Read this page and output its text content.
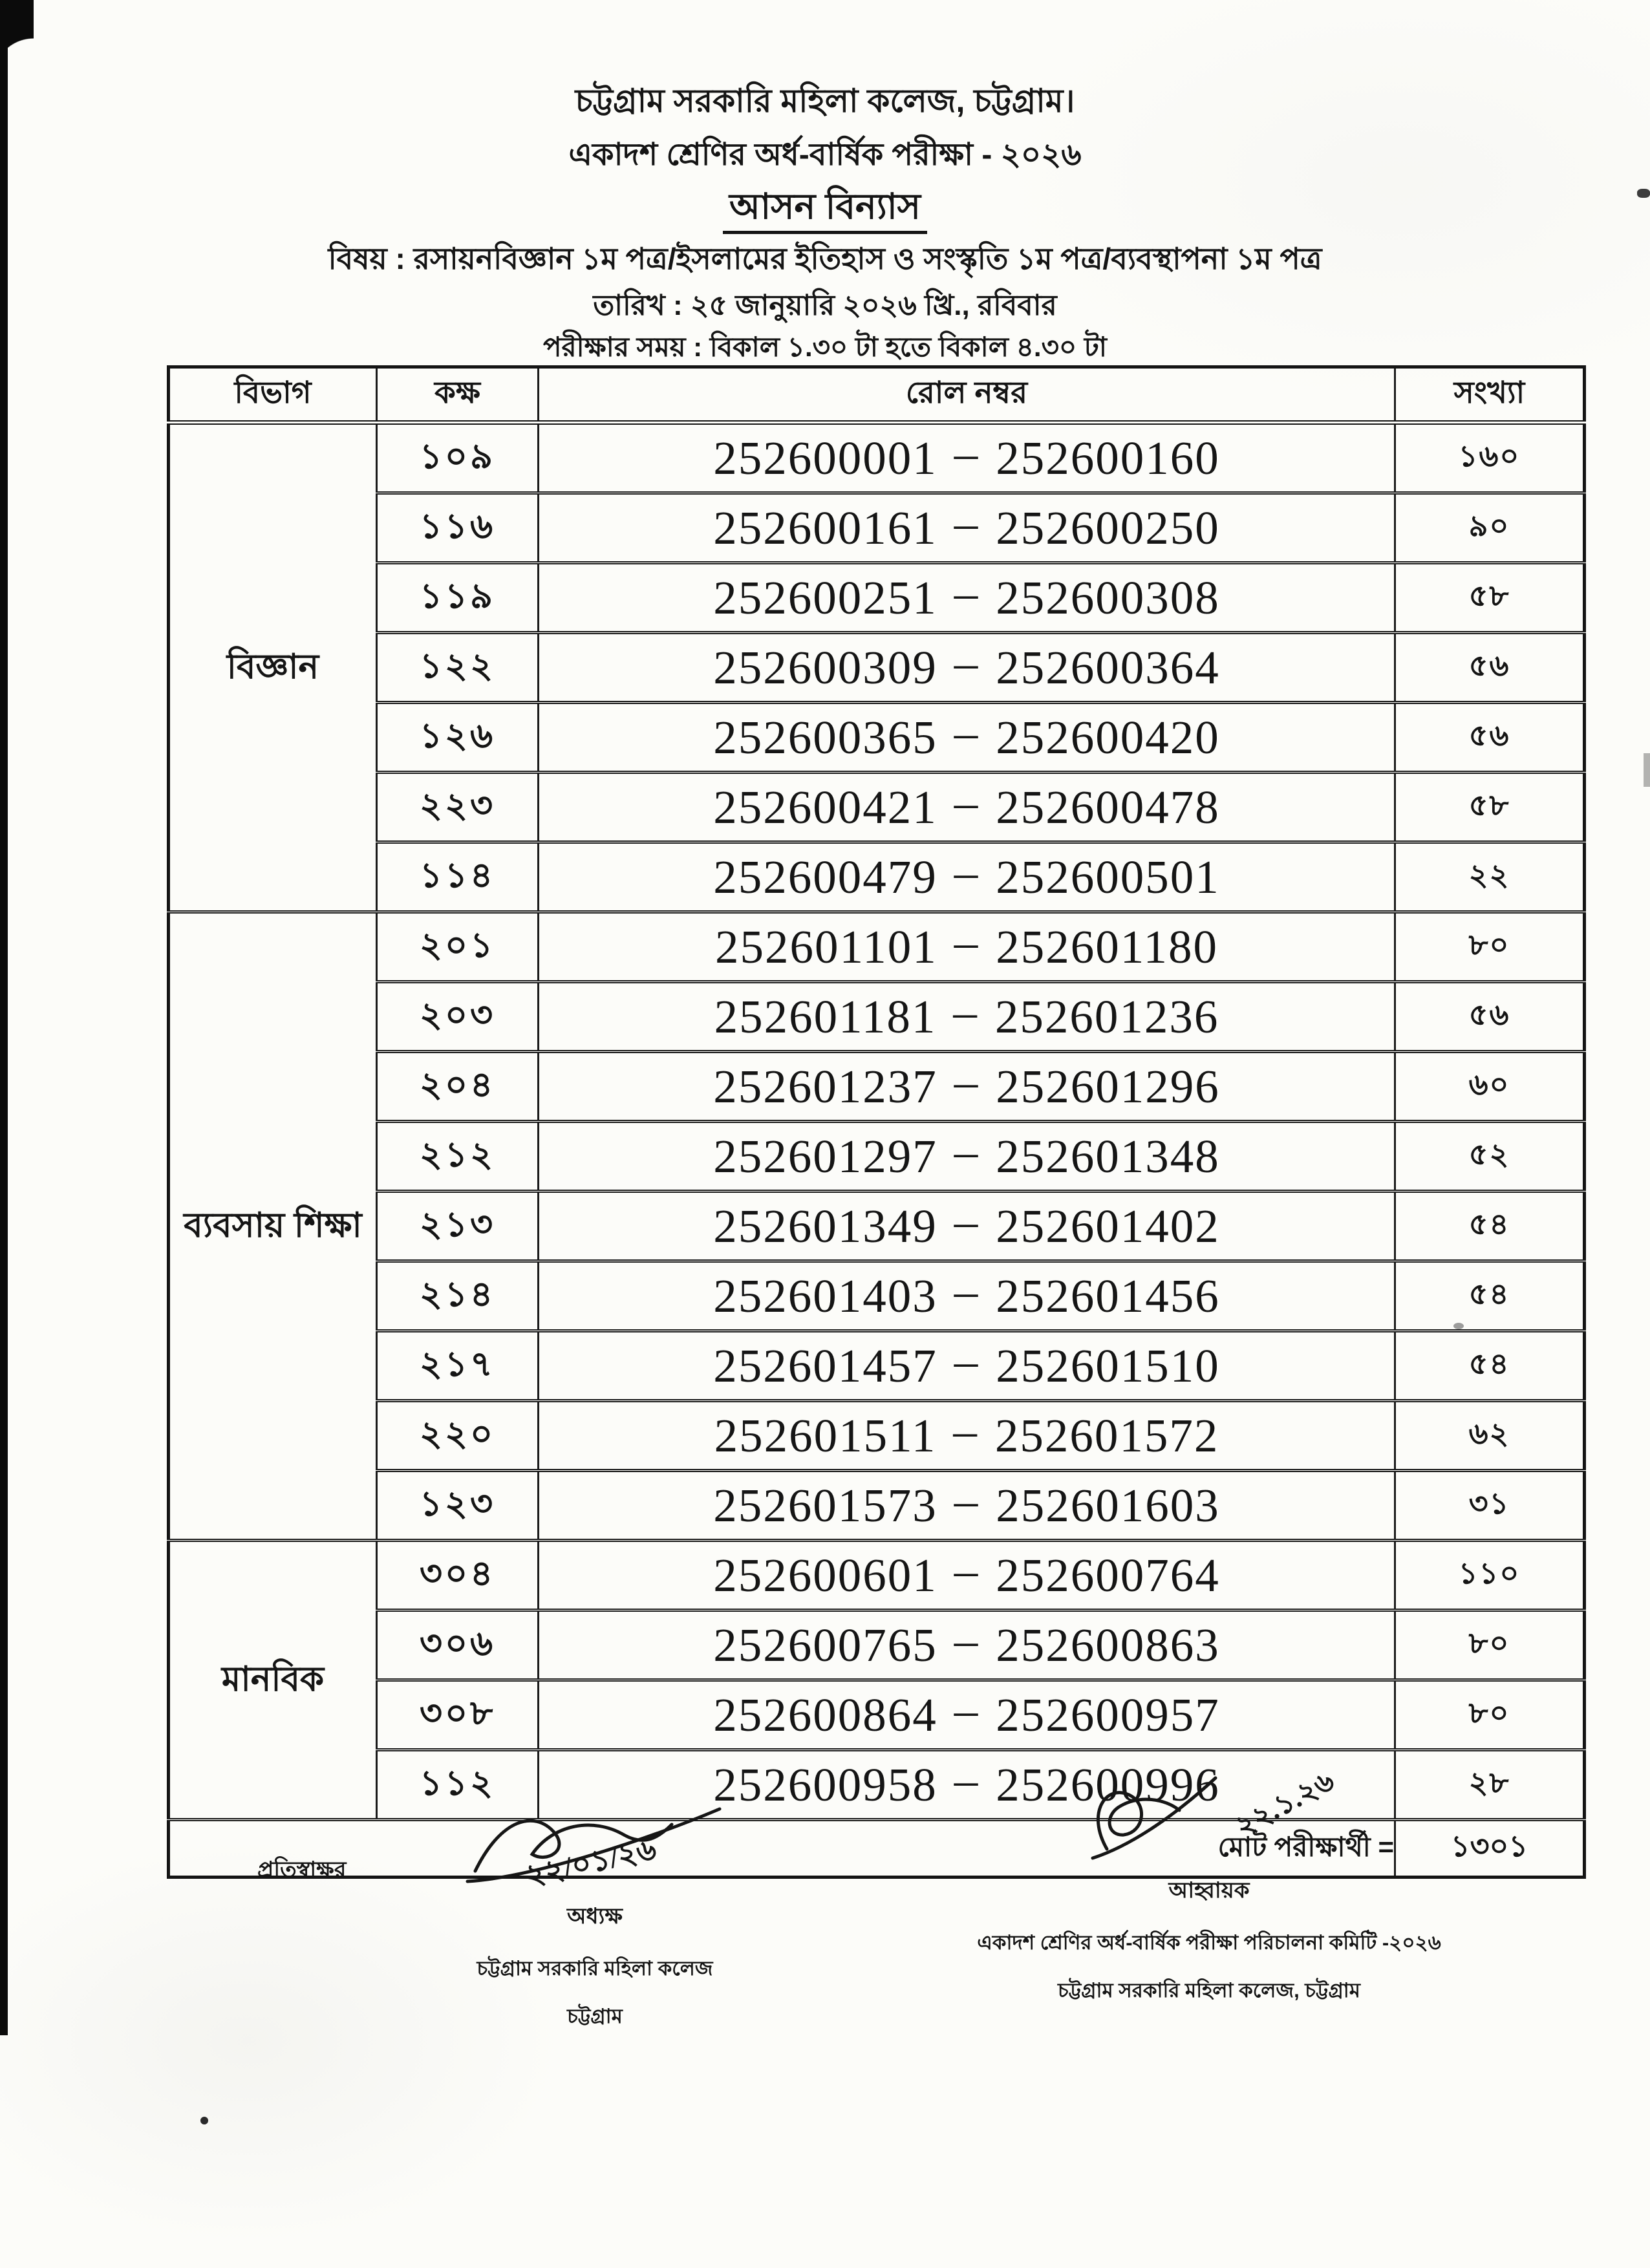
চট্টগ্রাম সরকারি মহিলা কলেজ, চট্টগ্রাম।
একাদশ শ্রেণির অর্ধ-বার্ষিক পরীক্ষা - ২০২৬
আসন বিন্যাস
বিষয় : রসায়নবিজ্ঞান ১ম পত্র/ইসলামের ইতিহাস ও সংস্কৃতি ১ম পত্র/ব্যবস্থাপনা ১ম পত্র
তারিখ : ২৫ জানুয়ারি ২০২৬ খ্রি., রবিবার
পরীক্ষার সময় : বিকাল ১.৩০ টা হতে বিকাল ৪.৩০ টা
বিভাগ	কক্ষ	রোল নম্বর	সংখ্যা
বিজ্ঞান	১০৯	252600001 – 252600160	১৬০
	১১৬	252600161 – 252600250	৯০
	১১৯	252600251 – 252600308	৫৮
	১২২	252600309 – 252600364	৫৬
	১২৬	252600365 – 252600420	৫৬
	২২৩	252600421 – 252600478	৫৮
	১১৪	252600479 – 252600501	২২
ব্যবসায় শিক্ষা	২০১	252601101 – 252601180	৮০
	২০৩	252601181 – 252601236	৫৬
	২০৪	252601237 – 252601296	৬০
	২১২	252601297 – 252601348	৫২
	২১৩	252601349 – 252601402	৫৪
	২১৪	252601403 – 252601456	৫৪
	২১৭	252601457 – 252601510	৫৪
	২২০	252601511 – 252601572	৬২
	১২৩	252601573 – 252601603	৩১
মানবিক	৩০৪	252600601 – 252600764	১১০
	৩০৬	252600765 – 252600863	৮০
	৩০৮	252600864 – 252600957	৮০
	১১২	252600958 – 252600996	২৮
মোট পরীক্ষার্থী =			১৩০১
প্রতিস্বাক্ষর	২২/০১/২৬
অধ্যক্ষ
চট্টগ্রাম সরকারি মহিলা কলেজ
চট্টগ্রাম
২২.১.২৬
আহ্বায়ক
একাদশ শ্রেণির অর্ধ-বার্ষিক পরীক্ষা পরিচালনা কমিটি -২০২৬
চট্টগ্রাম সরকারি মহিলা কলেজ, চট্টগ্রাম
